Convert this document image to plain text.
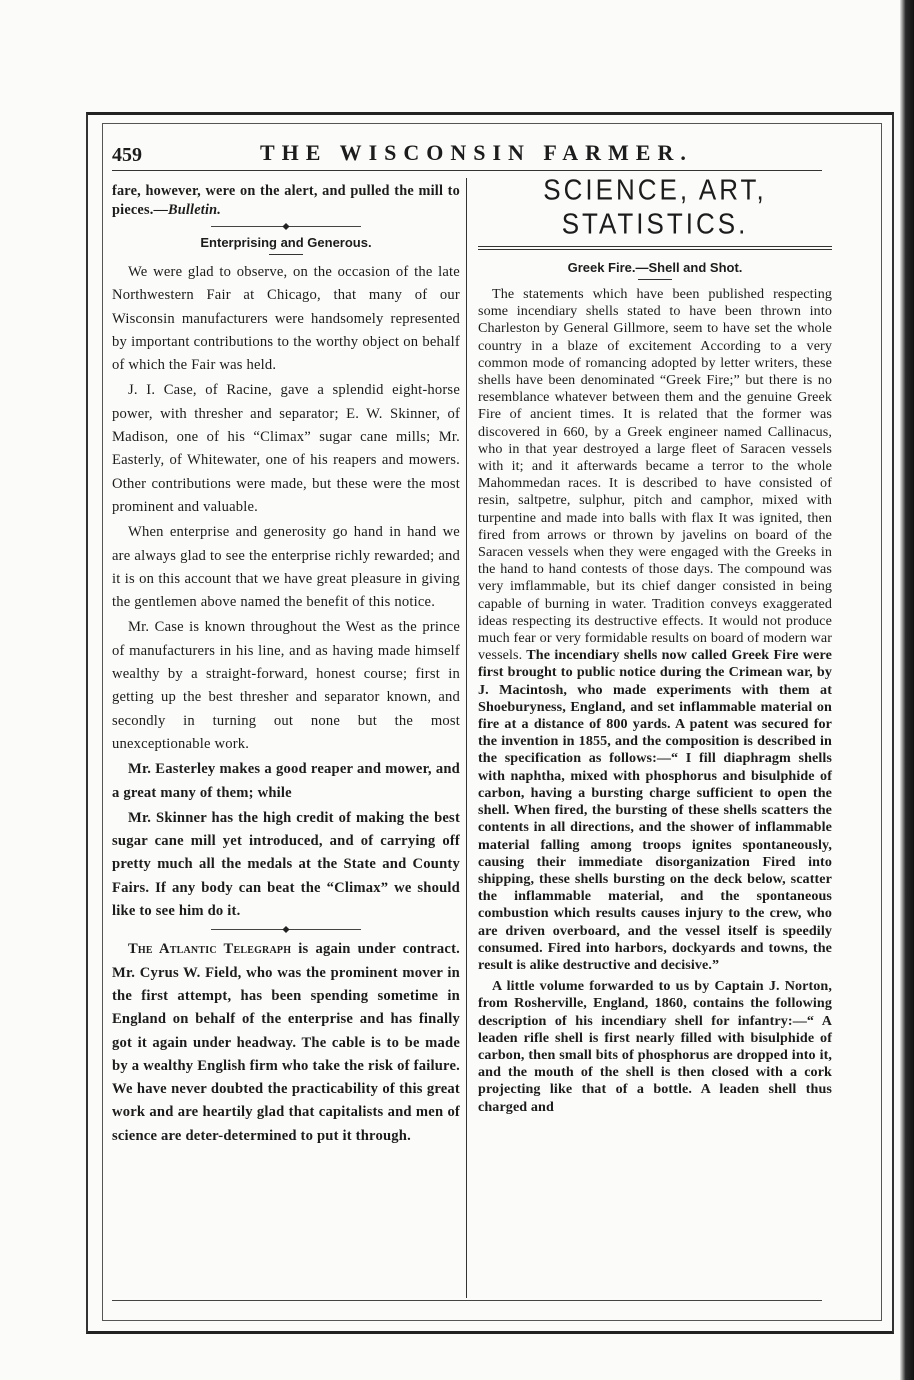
459	THE WISCONSIN FARMER.

fare, however, were on the alert, and pulled the mill to pieces.—Bulletin.

Enterprising and Generous.

We were glad to observe, on the occasion of the late Northwestern Fair at Chicago, that many of our Wisconsin manufacturers were handsomely represented by important contributions to the worthy object on behalf of which the Fair was held.

J. I. Case, of Racine, gave a splendid eight-horse power, with thresher and separator; E. W. Skinner, of Madison, one of his “Climax” sugar cane mills; Mr. Easterly, of Whitewater, one of his reapers and mowers. Other contributions were made, but these were the most prominent and valuable.

When enterprise and generosity go hand in hand we are always glad to see the enterprise richly rewarded; and it is on this account that we have great pleasure in giving the gentlemen above named the benefit of this notice.

Mr. Case is known throughout the West as the prince of manufacturers in his line, and as having made himself wealthy by a straight-forward, honest course; first in getting up the best thresher and separator known, and secondly in turning out none but the most unexceptionable work.

Mr. Easterley makes a good reaper and mower, and a great many of them; while

Mr. Skinner has the high credit of making the best sugar cane mill yet introduced, and of carrying off pretty much all the medals at the State and County Fairs. If any body can beat the “Climax” we should like to see him do it.

The Atlantic Telegraph is again under contract. Mr. Cyrus W. Field, who was the prominent mover in the first attempt, has been spending sometime in England on behalf of the enterprise and has finally got it again under headway. The cable is to be made by a wealthy English firm who take the risk of failure. We have never doubted the practicability of this great work and are heartily glad that capitalists and men of science are deter-determined to put it through.

SCIENCE, ART, STATISTICS.
Greek Fire.—Shell and Shot.

The statements which have been published respecting some incendiary shells stated to have been thrown into Charleston by General Gillmore, seem to have set the whole country in a blaze of excitement According to a very common mode of romancing adopted by letter writers, these shells have been denominated “Greek Fire;” but there is no resemblance whatever between them and the genuine Greek Fire of ancient times. It is related that the former was discovered in 660, by a Greek engineer named Callinacus, who in that year destroyed a large fleet of Saracen vessels with it; and it afterwards became a terror to the whole Mahommedan races. It is described to have consisted of resin, saltpetre, sulphur, pitch and camphor, mixed with turpentine and made into balls with flax It was ignited, then fired from arrows or thrown by javelins on board of the Saracen vessels when they were engaged with the Greeks in the hand to hand contests of those days. The compound was very imflammable, but its chief danger consisted in being capable of burning in water. Tradition conveys exaggerated ideas respecting its destructive effects. It would not produce much fear or very formidable results on board of modern war vessels. The incendiary shells now called Greek Fire were first brought to public notice during the Crimean war, by J. Macintosh, who made experiments with them at Shoeburyness, England, and set inflammable material on fire at a distance of 800 yards. A patent was secured for the invention in 1855, and the composition is described in the specification as follows:—“ I fill diaphragm shells with naphtha, mixed with phosphorus and bisulphide of carbon, having a bursting charge sufficient to open the shell. When fired, the bursting of these shells scatters the contents in all directions, and the shower of inflammable material falling among troops ignites spontaneously, causing their immediate disorganization Fired into shipping, these shells bursting on the deck below, scatter the inflammable material, and the spontaneous combustion which results causes injury to the crew, who are driven overboard, and the vessel itself is speedily consumed. Fired into harbors, dockyards and towns, the result is alike destructive and decisive.”

A little volume forwarded to us by Captain J. Norton, from Rosherville, England, 1860, contains the following description of his incendiary shell for infantry:—“ A leaden rifle shell is first nearly filled with bisulphide of carbon, then small bits of phosphorus are dropped into it, and the mouth of the shell is then closed with a cork projecting like that of a bottle. A leaden shell thus charged and
